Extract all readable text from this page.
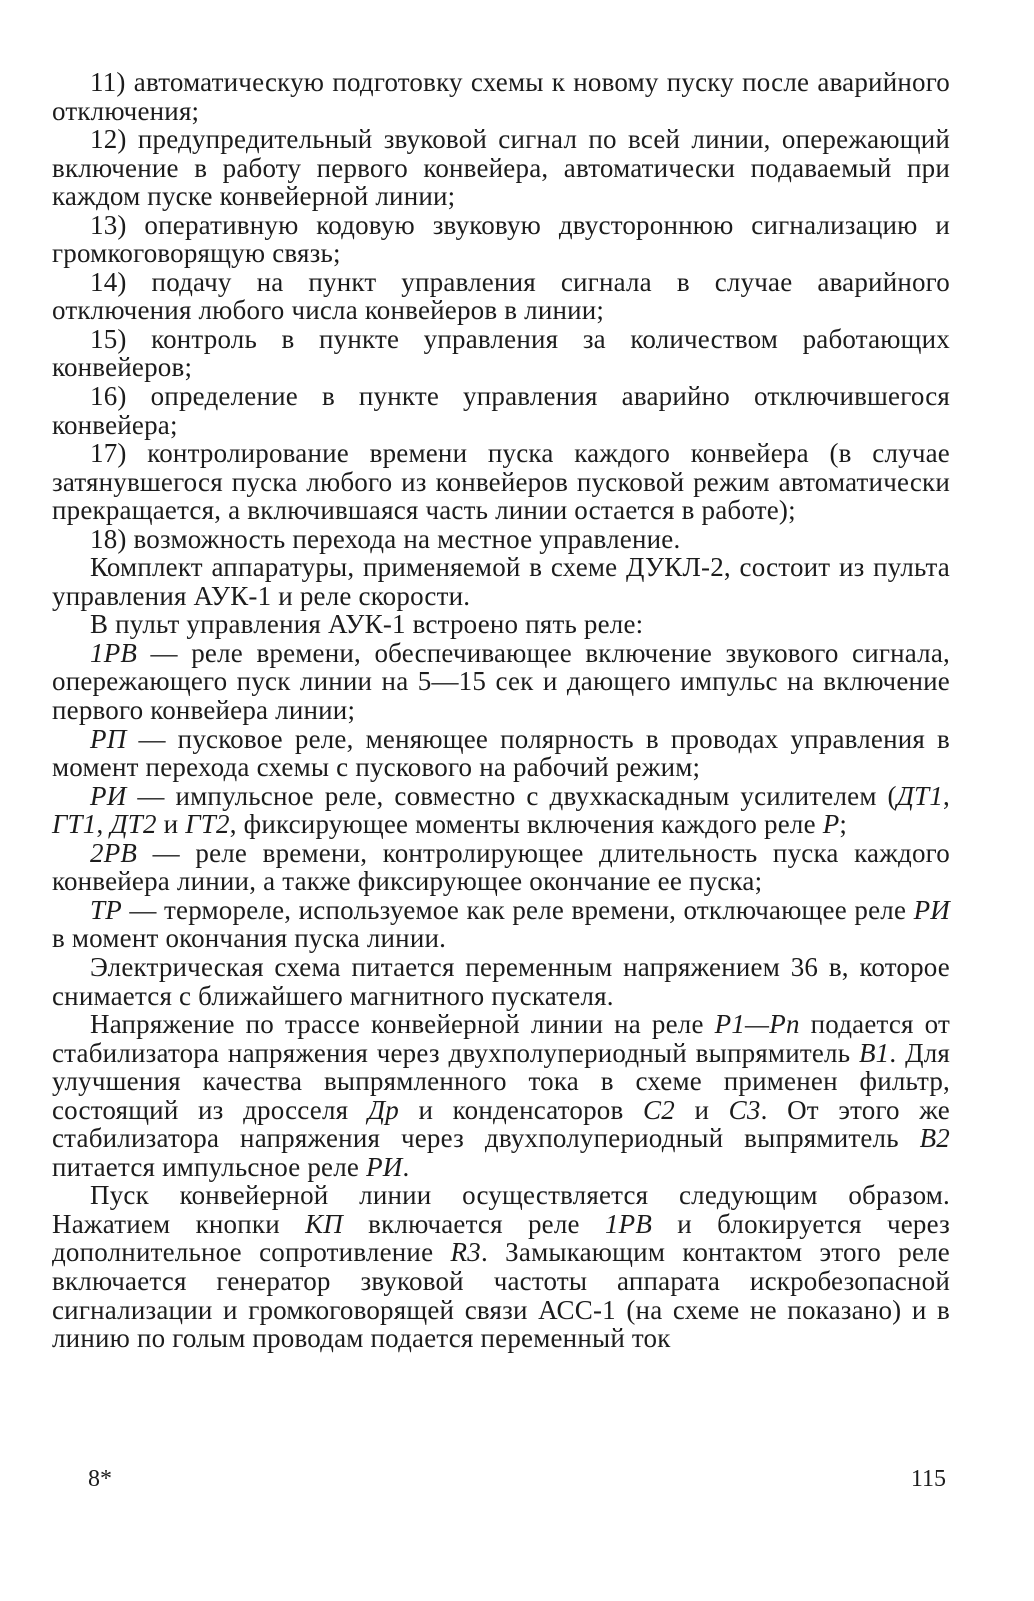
11) автоматическую подготовку схемы к новому пуску после аварийного отключения;

12) предупредительный звуковой сигнал по всей линии, опережающий включение в работу первого конвейера, автоматически подаваемый при каждом пуске конвейерной линии;

13) оперативную кодовую звуковую двустороннюю сигнализацию и громкоговорящую связь;

14) подачу на пункт управления сигнала в случае аварийного отключения любого числа конвейеров в линии;

15) контроль в пункте управления за количеством работающих конвейеров;

16) определение в пункте управления аварийно отключившегося конвейера;

17) контролирование времени пуска каждого конвейера (в случае затянувшегося пуска любого из конвейеров пусковой режим автоматически прекращается, а включившаяся часть линии остается в работе);

18) возможность перехода на местное управление.

Комплект аппаратуры, применяемой в схеме ДУКЛ-2, состоит из пульта управления АУК-1 и реле скорости.

В пульт управления АУК-1 встроено пять реле:

1РВ — реле времени, обеспечивающее включение звукового сигнала, опережающего пуск линии на 5—15 сек и дающего импульс на включение первого конвейера линии;

РП — пусковое реле, меняющее полярность в проводах управления в момент перехода схемы с пускового на рабочий режим;

РИ — импульсное реле, совместно с двухкаскадным усилителем (ДТ1, ГТ1, ДТ2 и ГТ2, фиксирующее моменты включения каждого реле Р;

2РВ — реле времени, контролирующее длительность пуска каждого конвейера линии, а также фиксирующее окончание ее пуска;

ТР — термореле, используемое как реле времени, отключающее реле РИ в момент окончания пуска линии.

Электрическая схема питается переменным напряжением 36 в, которое снимается с ближайшего магнитного пускателя.

Напряжение по трассе конвейерной линии на реле Р1—Рn подается от стабилизатора напряжения через двухполупериодный выпрямитель В1. Для улучшения качества выпрямленного тока в схеме применен фильтр, состоящий из дросселя Др и конденсаторов С2 и С3. От этого же стабилизатора напряжения через двухполупериодный выпрямитель В2 питается импульсное реле РИ.

Пуск конвейерной линии осуществляется следующим образом. Нажатием кнопки КП включается реле 1РВ и блокируется через дополнительное сопротивление R3. Замыкающим контактом этого реле включается генератор звуковой частоты аппарата искробезопасной сигнализации и громкоговорящей связи АСС-1 (на схеме не показано) и в линию по голым проводам подается переменный ток

8*	115
